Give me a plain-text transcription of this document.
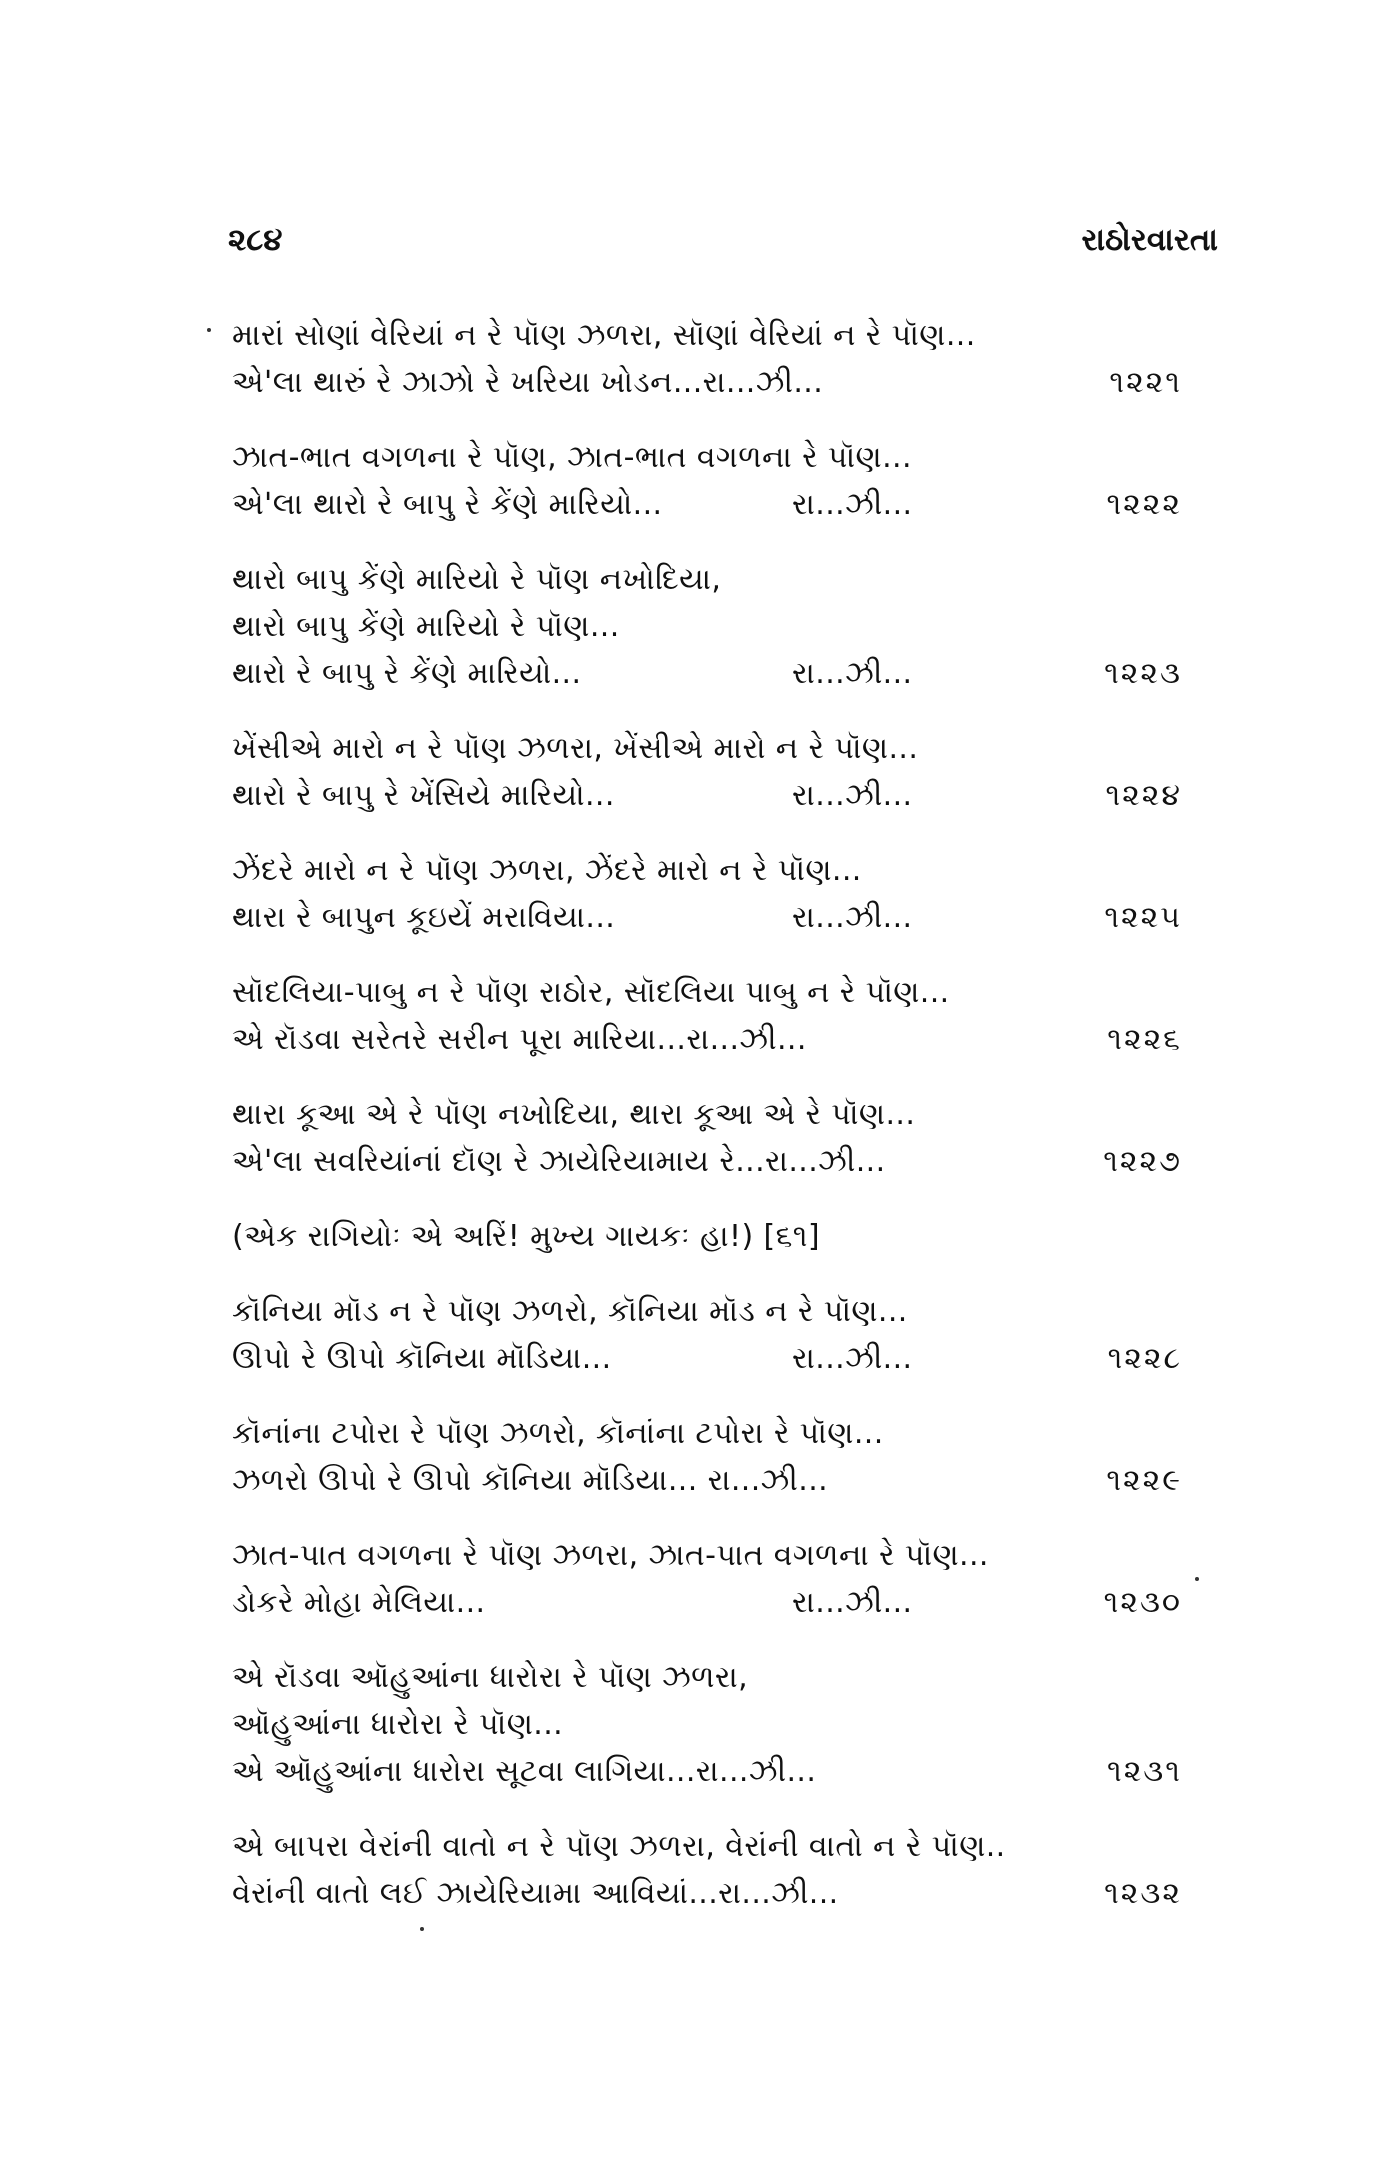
૨૮૪	રાઠોરવારતા
મારાં સોણાં વેરિયાં ન રે પૉણ ઝળરા, સૉણાં વેરિયાં ન રે પૉણ...
એ'લા થારું રે ઝાઝો રે ખરિયા ખોડન...રા...ઝી...	૧૨૨૧
ઝાત-ભાત વગળના રે પૉણ, ઝાત-ભાત વગળના રે પૉણ...
એ'લા થારો રે બાપુ રે કેંણે મારિયો...	રા...ઝી...	૧૨૨૨
થારો બાપુ કેંણે મારિયો રે પૉણ નખોદિયા,
થારો બાપુ કેંણે મારિયો રે પૉણ...
થારો રે બાપુ રે કેંણે મારિયો...	રા...ઝી...	૧૨૨૩
ખેંસીએ મારો ન રે પૉણ ઝળરા, ખેંસીએ મારો ન રે પૉણ...
થારો રે બાપુ રે ખેંસિયે મારિયો...	રા...ઝી...	૧૨૨૪
ઝેંદરે મારો ન રે પૉણ ઝળરા, ઝેંદરે મારો ન રે પૉણ...
થારા રે બાપુન કૂઇયેં મરાવિયા...	રા...ઝી...	૧૨૨૫
સૉદલિયા-પાબુ ન રે પૉણ રાઠોર, સૉદલિયા પાબુ ન રે પૉણ...
એ રૉડવા સરેતરે સરીન પૂરા મારિયા...રા...ઝી...	૧૨૨૬
થારા કૂઆ એ રે પૉણ નખોદિયા, થારા કૂઆ એ રે પૉણ...
એ'લા સવરિયાંનાં દૉણ રે ઝાયેરિયામાય રે...રા...ઝી...	૧૨૨૭
(એક રાગિયોઃ એ અરિં! મુખ્ય ગાયકઃ હા!) [૬૧]
કૉનિયા મૉડ ન રે પૉણ ઝળરો, કૉનિયા મૉડ ન રે પૉણ...
ઊપો રે ઊપો કૉનિયા મૉડિયા...	રા...ઝી...	૧૨૨૮
કૉનાંના ટપોરા રે પૉણ ઝળરો, કૉનાંના ટપોરા રે પૉણ...
ઝળરો ઊપો રે ઊપો કૉનિયા મૉડિયા... રા...ઝી...	૧૨૨૯
ઝાત-પાત વગળના રે પૉણ ઝળરા, ઝાત-પાત વગળના રે પૉણ...
ડોકરે મોહા મેલિયા...	રા...ઝી...	૧૨૩૦
એ રૉડવા ઑહુઆંના ધારોરા રે પૉણ ઝળરા,
ઑહુઆંના ધારોરા રે પૉણ...
એ ઑહુઆંના ધારોરા સૂટવા લાગિયા...રા...ઝી...	૧૨૩૧
એ બાપરા વેરાંની વાતો ન રે પૉણ ઝળરા, વેરાંની વાતો ન રે પૉણ..
વેરાંની વાતો લઈ ઝાયેરિયામા આવિયાં...રા...ઝી...	૧૨૩૨
